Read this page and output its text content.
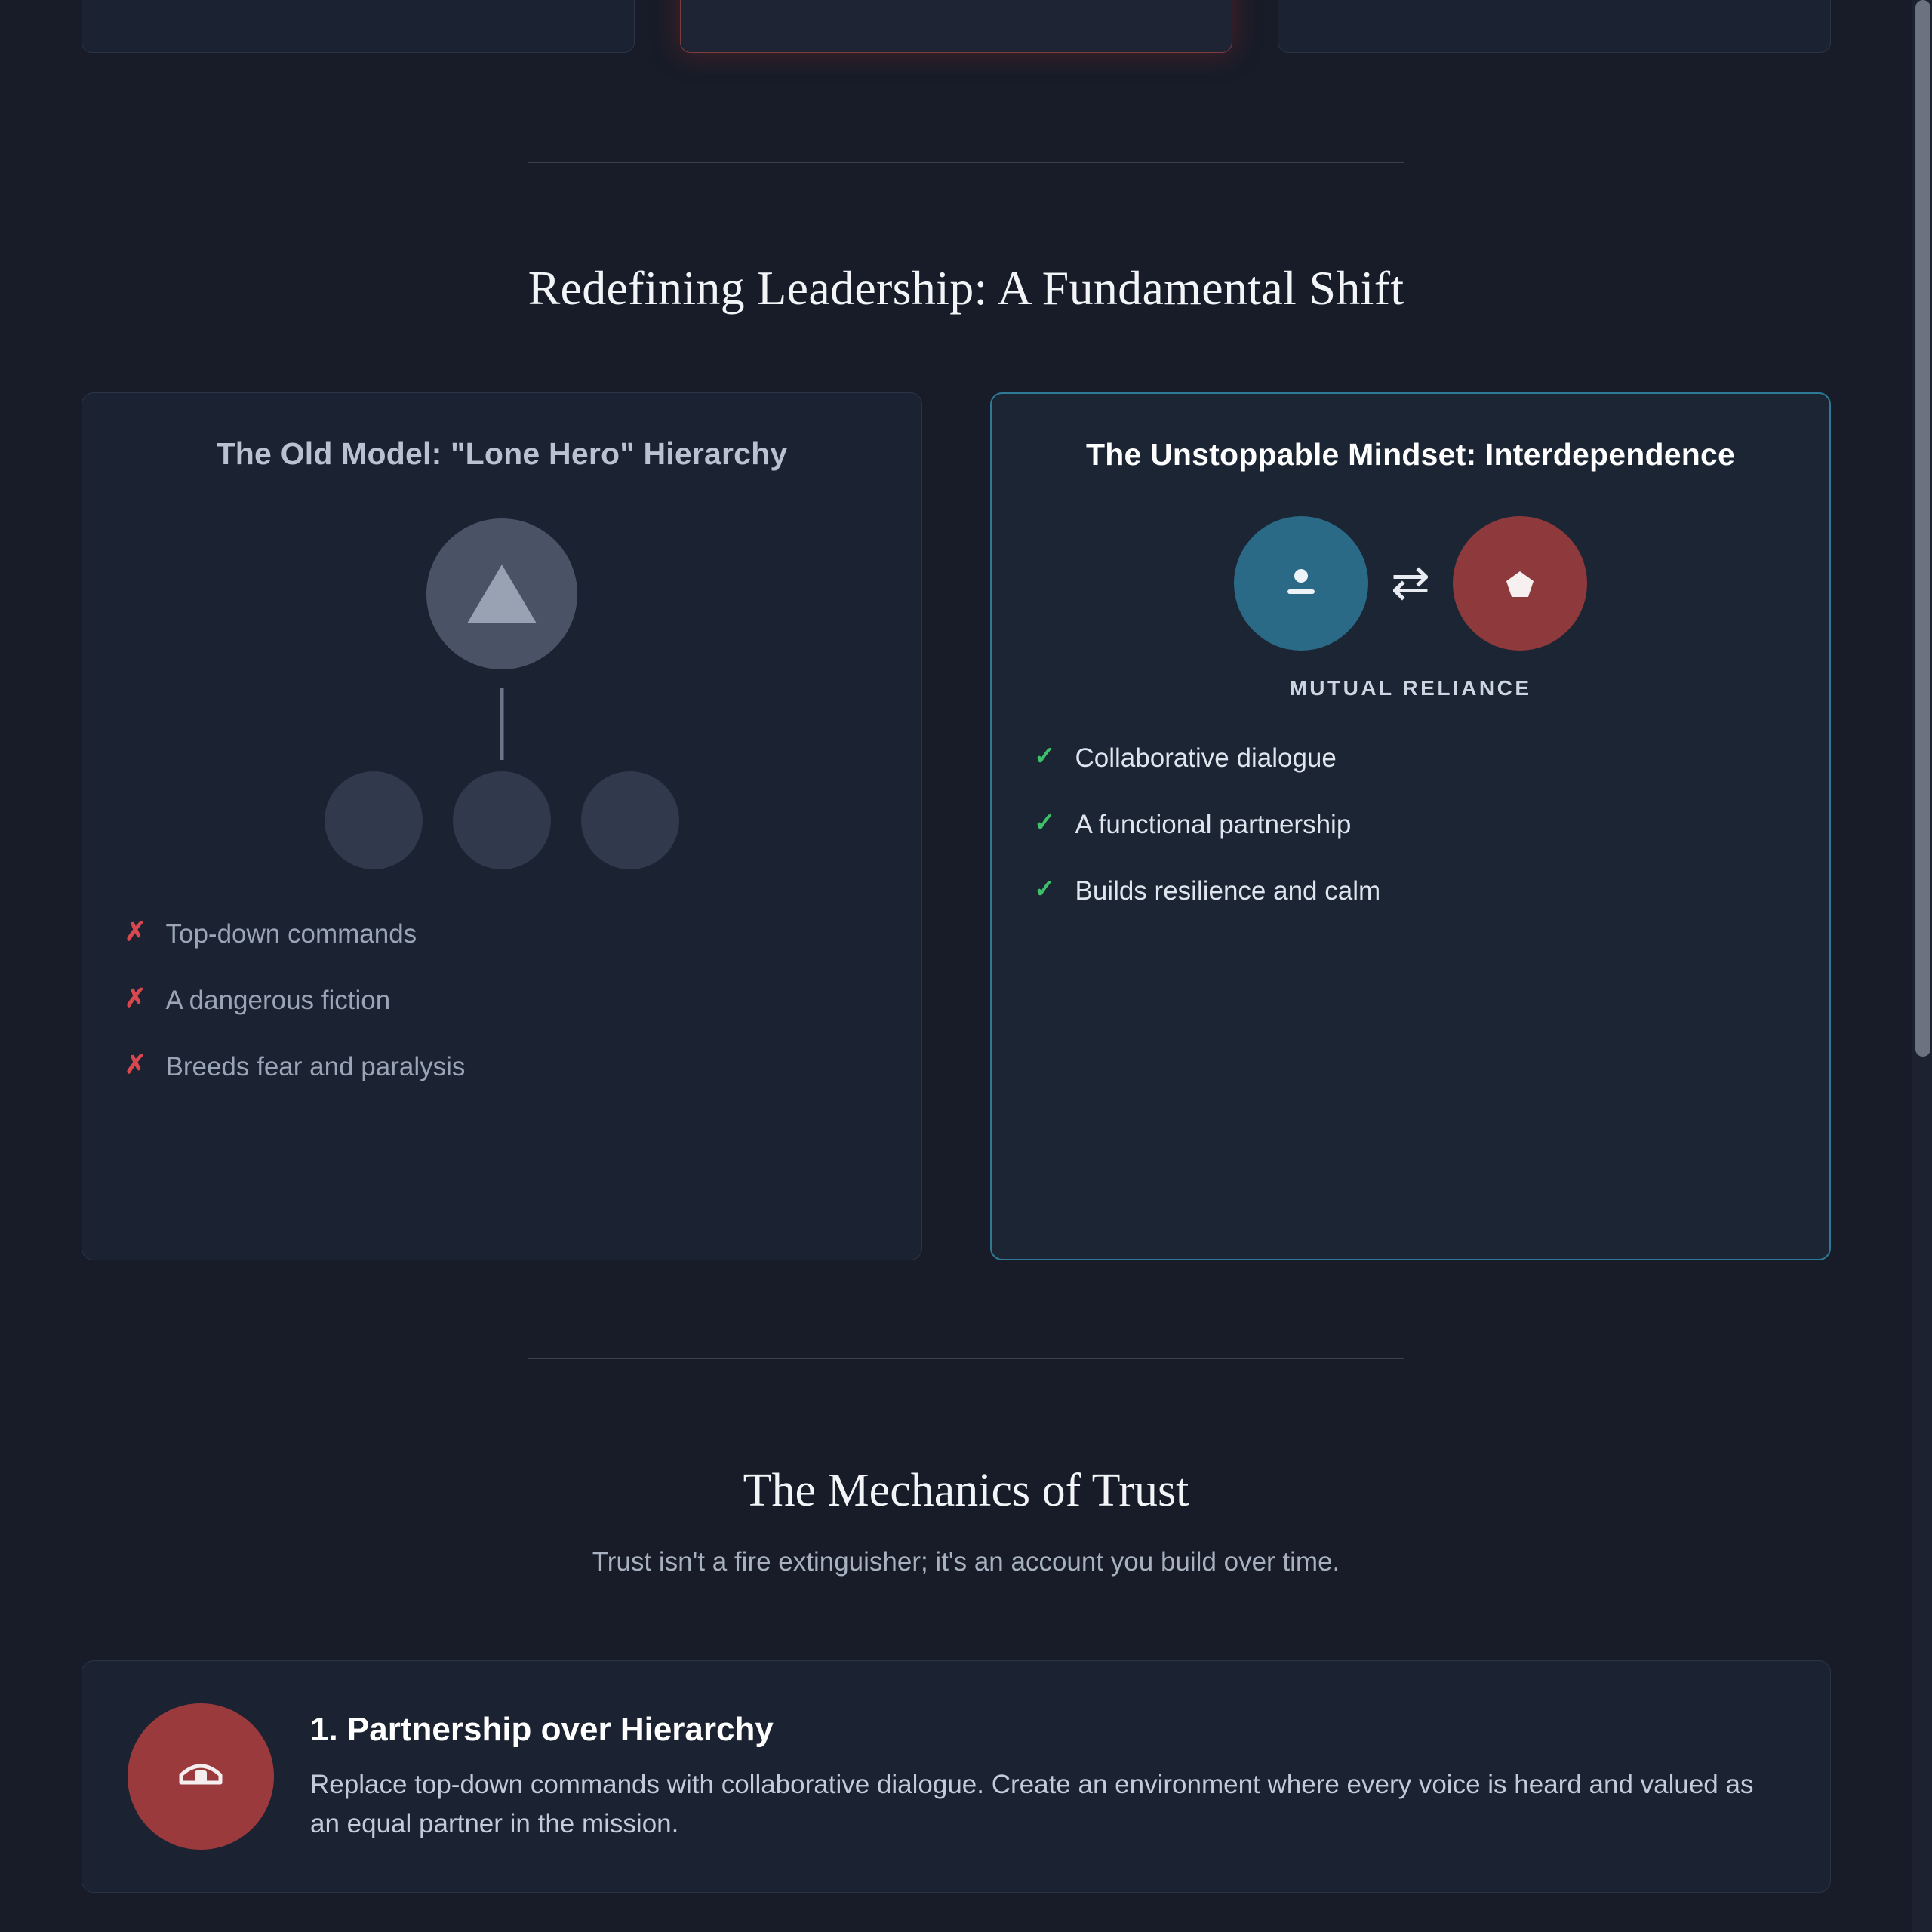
Redefining Leadership: A Fundamental Shift
The Old Model: "Lone Hero" Hierarchy
✗ Top-down commands
✗ A dangerous fiction
✗ Breeds fear and paralysis
The Unstoppable Mindset: Interdependence
⇄
MUTUAL RELIANCE
✓ Collaborative dialogue
✓ A functional partnership
✓ Builds resilience and calm
The Mechanics of Trust
Trust isn't a fire extinguisher; it's an account you build over time.
1. Partnership over Hierarchy
Replace top-down commands with collaborative dialogue. Create an environment where every voice is heard and valued as an equal partner in the mission.
